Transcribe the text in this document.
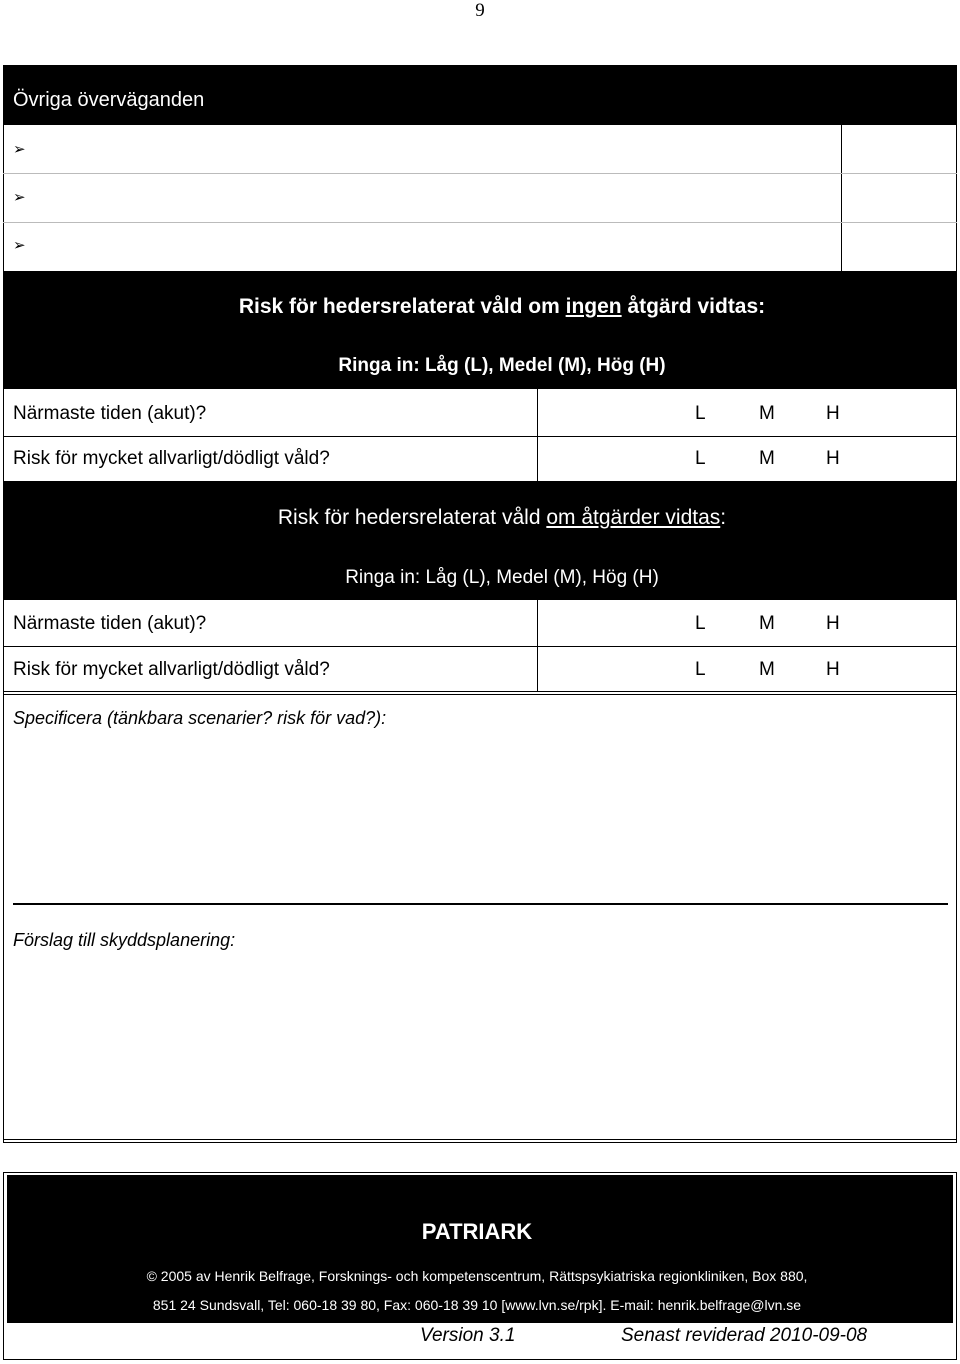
9
Övriga överväganden
➢
➢
➢
Risk för hedersrelaterat våld om ingen åtgärd vidtas:
Ringa in: Låg (L), Medel (M), Hög (H)
Närmaste tiden (akut)?	L	M	H
Risk för mycket allvarligt/dödligt våld?	L	M	H
Risk för hedersrelaterat våld om åtgärder vidtas:
Ringa in: Låg (L), Medel (M), Hög (H)
Närmaste tiden (akut)?	L	M	H
Risk för mycket allvarligt/dödligt våld?	L	M	H
Specificera (tänkbara scenarier? risk för vad?):
Förslag till skyddsplanering:
PATRIARK
© 2005 av Henrik Belfrage, Forsknings- och kompetenscentrum, Rättspsykiatriska regionkliniken, Box 880,
851 24 Sundsvall, Tel: 060-18 39 80, Fax: 060-18 39 10 [www.lvn.se/rpk]. E-mail: henrik.belfrage@lvn.se
Version 3.1	Senast reviderad 2010-09-08
